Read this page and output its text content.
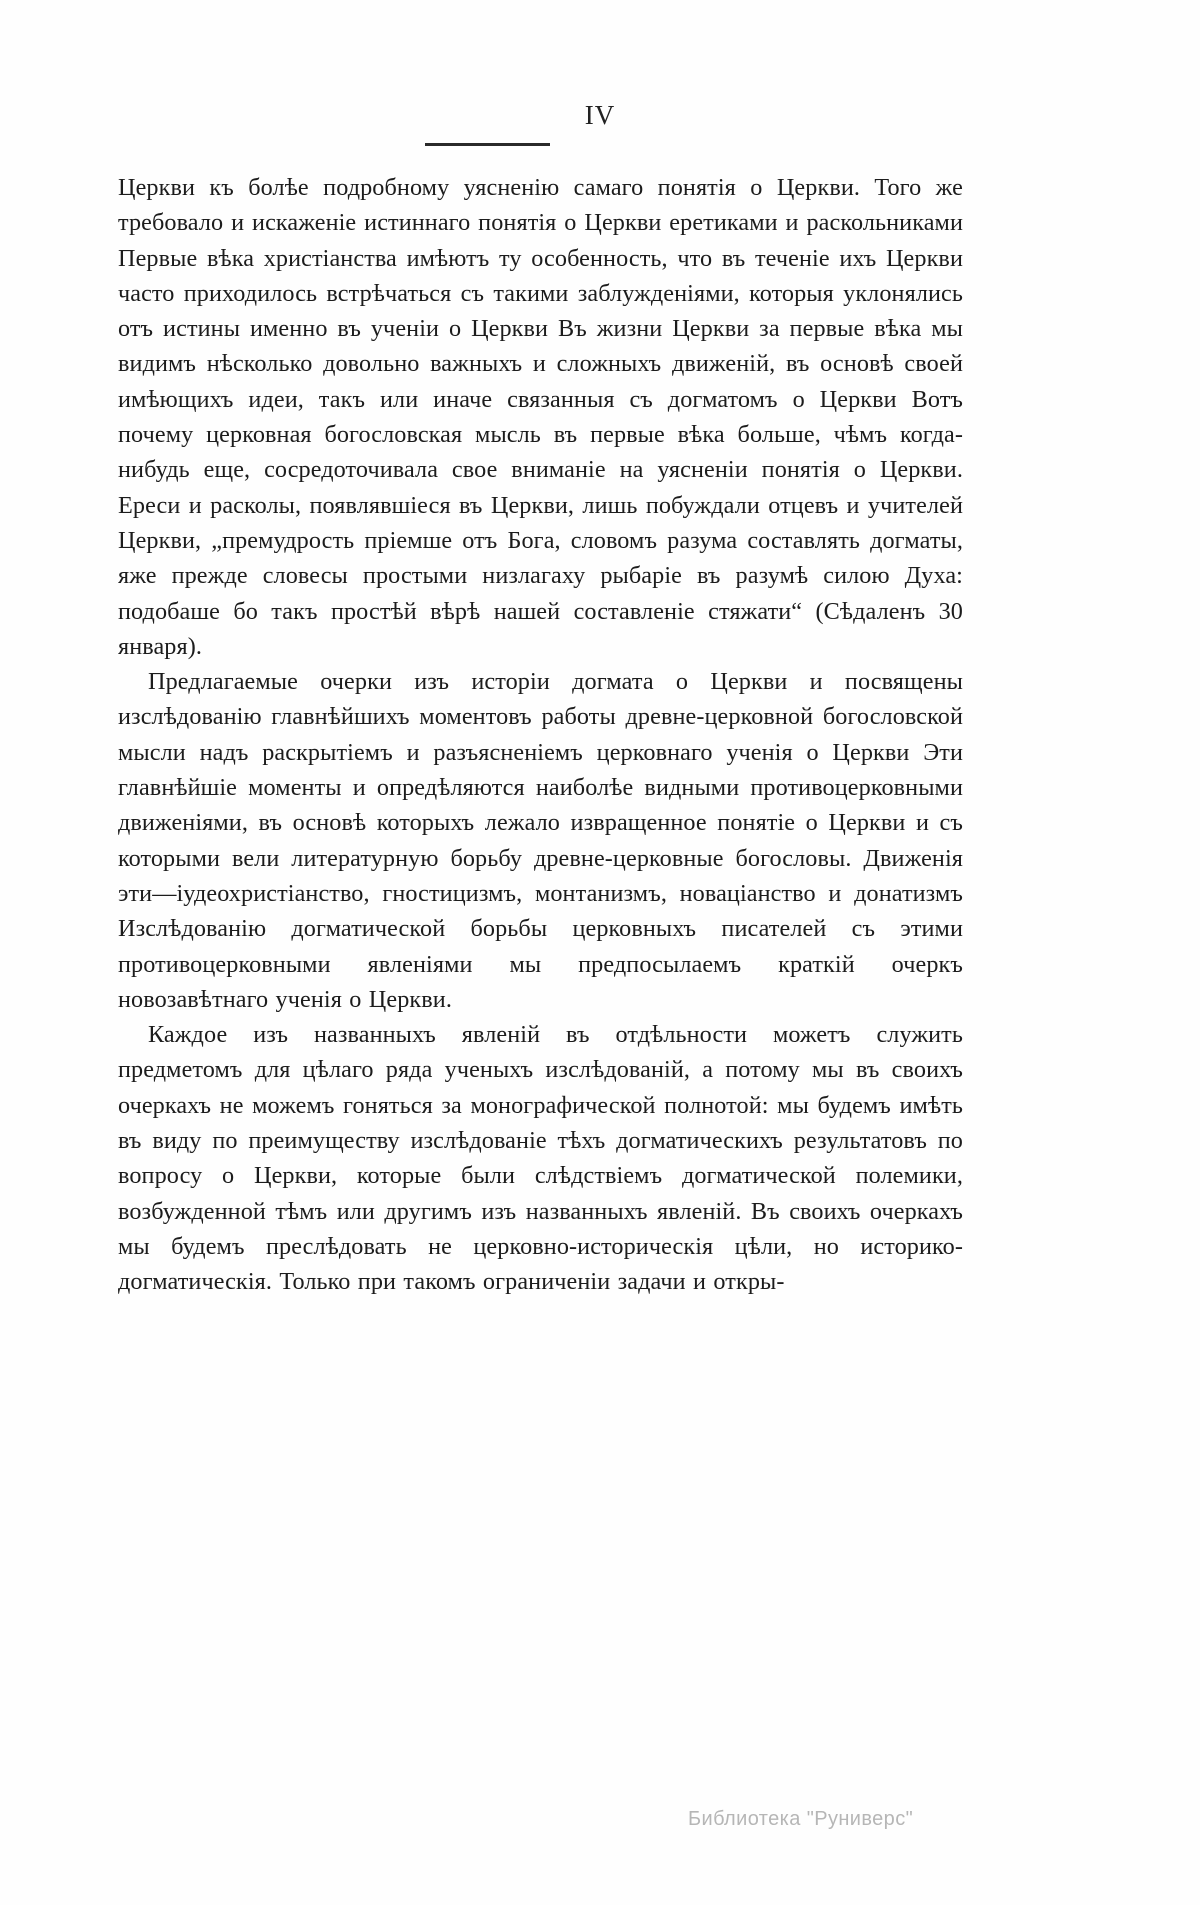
IV

Церкви къ болѣе подробному уясненію самаго понятія о Церкви. Того же требовало и искаженіе истиннаго понятія о Церкви еретиками и раскольниками Первые вѣка христіанства имѣютъ ту особенность, что въ теченіе ихъ Церкви часто приходилось встрѣчаться съ такими заблужденіями, которыя уклонялись отъ истины именно въ ученіи о Церкви Въ жизни Церкви за первые вѣка мы видимъ нѣсколько довольно важныхъ и сложныхъ движеній, въ основѣ своей имѣющихъ идеи, такъ или иначе связанныя съ догматомъ о Церкви Вотъ почему церковная богословская мысль въ первые вѣка больше, чѣмъ когда-нибудь еще, сосредоточивала свое вниманіе на уясненіи понятія о Церкви. Ереси и расколы, появлявшіеся въ Церкви, лишь побуждали отцевъ и учителей Церкви, „премудрость пріемше отъ Бога, словомъ разума составлять догматы, яже прежде словесы простыми низлагаху рыбаріе въ разумѣ силою Духа: подобаше бо такъ простѣй вѣрѣ нашей составленіе стяжати“ (Сѣдаленъ 30 января).

Предлагаемые очерки изъ исторіи догмата о Церкви и посвящены изслѣдованію главнѣйшихъ моментовъ работы древне-церковной богословской мысли надъ раскрытіемъ и разъясненіемъ церковнаго ученія о Церкви Эти главнѣйшіе моменты и опредѣляются наиболѣе видными противоцерковными движеніями, въ основѣ которыхъ лежало извращенное понятіе о Церкви и съ которыми вели литературную борьбу древне-церковные богословы. Движенія эти—іудеохристіанство, гностицизмъ, монтанизмъ, новаціанство и донатизмъ Изслѣдованію догматической борьбы церковныхъ писателей съ этими противоцерковными явленіями мы предпосылаемъ краткій очеркъ новозавѣтнаго ученія о Церкви.

Каждое изъ названныхъ явленій въ отдѣльности можетъ служить предметомъ для цѣлаго ряда ученыхъ изслѣдованій, а потому мы въ своихъ очеркахъ не можемъ гоняться за монографической полнотой: мы будемъ имѣть въ виду по преимуществу изслѣдованіе тѣхъ догматическихъ результатовъ по вопросу о Церкви, которые были слѣдствіемъ догматической полемики, возбужденной тѣмъ или другимъ изъ названныхъ явленій. Въ своихъ очеркахъ мы будемъ преслѣдовать не церковно-историческія цѣли, но историко-догматическія. Только при такомъ ограниченіи задачи и откры-

Библиотека "Руниверс"
